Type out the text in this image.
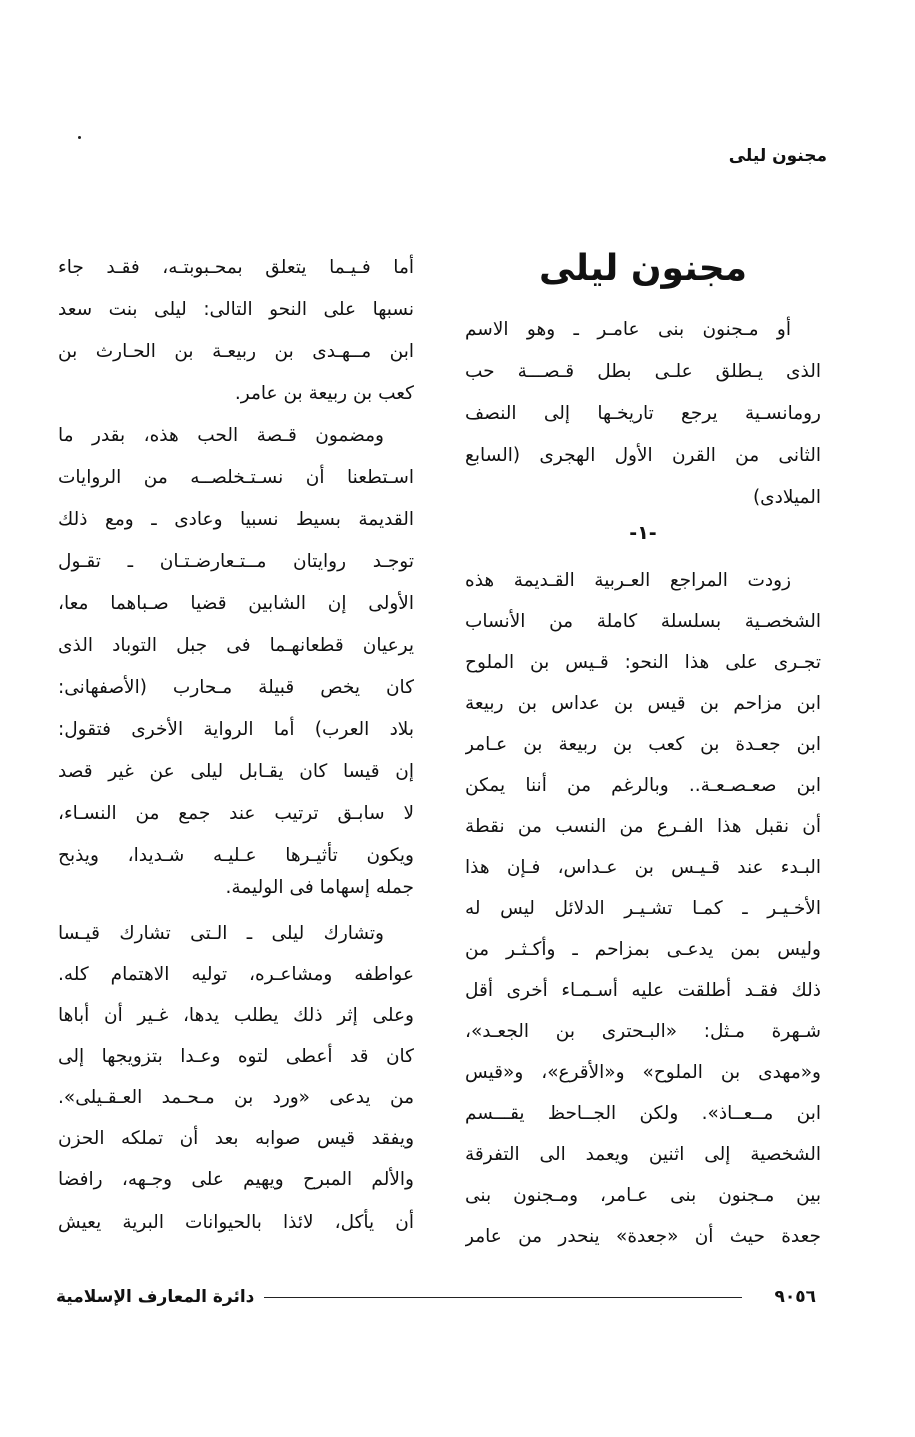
مجنون ليلى
مجنون ليلى
أو مـجنون بنى عامـر ـ وهو الاسم
الذى يـطلق علـى بطل قـصـــة حب
رومانسـية يرجع تاريخـها إلى النصف
الثانى من القرن الأول الهجرى (السابع
الميلادى)
زودت المراجع العـربية القـديمة هذه
الشخصـية بسلسلة كاملة من الأنساب
تجـرى على هذا النحو: قـيس بن الملوح
ابن مزاحم بن قيس بن عداس بن ربيعة
ابن جعـدة بن كعب بن ربيعة بن عـامر
ابن صعـصـعـة.. وبالرغم من أننا يمكن
أن نقبل هذا الفـرع من النسب من نقطة
البـدء عند قـيـس بن عـداس، فـإن هذا
الأخـيـر ـ كمـا تشـيـر الدلائل ليس له
وليس بمن يدعـى بمزاحم ـ وأكـثـر من
ذلك فقـد أطلقت عليه أسـمـاء أخرى أقل
شـهرة مـثل: «البـحترى بن الجعـد»،
و«مهدى بن الملوح» و«الأقرع»، و«قيس
ابن مــعــاذ». ولكن الجــاحظ يقـــسم
الشخصية إلى اثنين ويعمد الى التفرقة
بين مـجنون بنى عـامر، ومـجنون بنى
جعدة حيث أن «جعدة» ينحدر من عامر
-١-
أما فـيـما يتعلق بمحـبوبتـه، فقـد جاء
نسبها على النحو التالى: ليلى بنت سعد
ابن مــهـدى بن ربيعـة بن الحـارث بن
كعب بن ربيعة بن عامر.
ومضمون قـصة الحب هذه، بقدر ما
اسـتطعنا أن نسـتـخلصــه من الروايات
القديمة بسيط نسبيا وعادى ـ ومع ذلك
توجـد روايتان مــتـعارضـتـان ـ تقـول
الأولى إن الشابين قضيا صـباهما معا،
يرعيان قطعانهـما فى جبل التوباد الذى
كان يخص قبيلة مـحارب (الأصفهانى:
بلاد العرب) أما الرواية الأخرى فتقول:
إن قيسا كان يقـابل ليلى عن غير قصد
لا سابـق ترتيب عند جمع من النسـاء،
ويكون تأثيـرها عـليـه شـديدا، ويذبح
جمله إسهاما فى الوليمة.
وتشارك ليلى ـ الـتى تشارك قيـسا
عواطفه ومشاعـره، توليه الاهتمام كله.
وعلى إثر ذلك يطلب يدها، غـير أن أباها
كان قد أعطى لتوه وعـدا بتزويجها إلى
من يدعى «ورد بن مـحـمد العـقـيلى».
ويفقد قيس صوابه بعد أن تملكه الحزن
والألم المبرح ويهيم على وجـهه، رافضا
أن يأكل، لائذا بالحيوانات البرية يعيش
٩٠٥٦
دائرة المعارف الإسلامية
